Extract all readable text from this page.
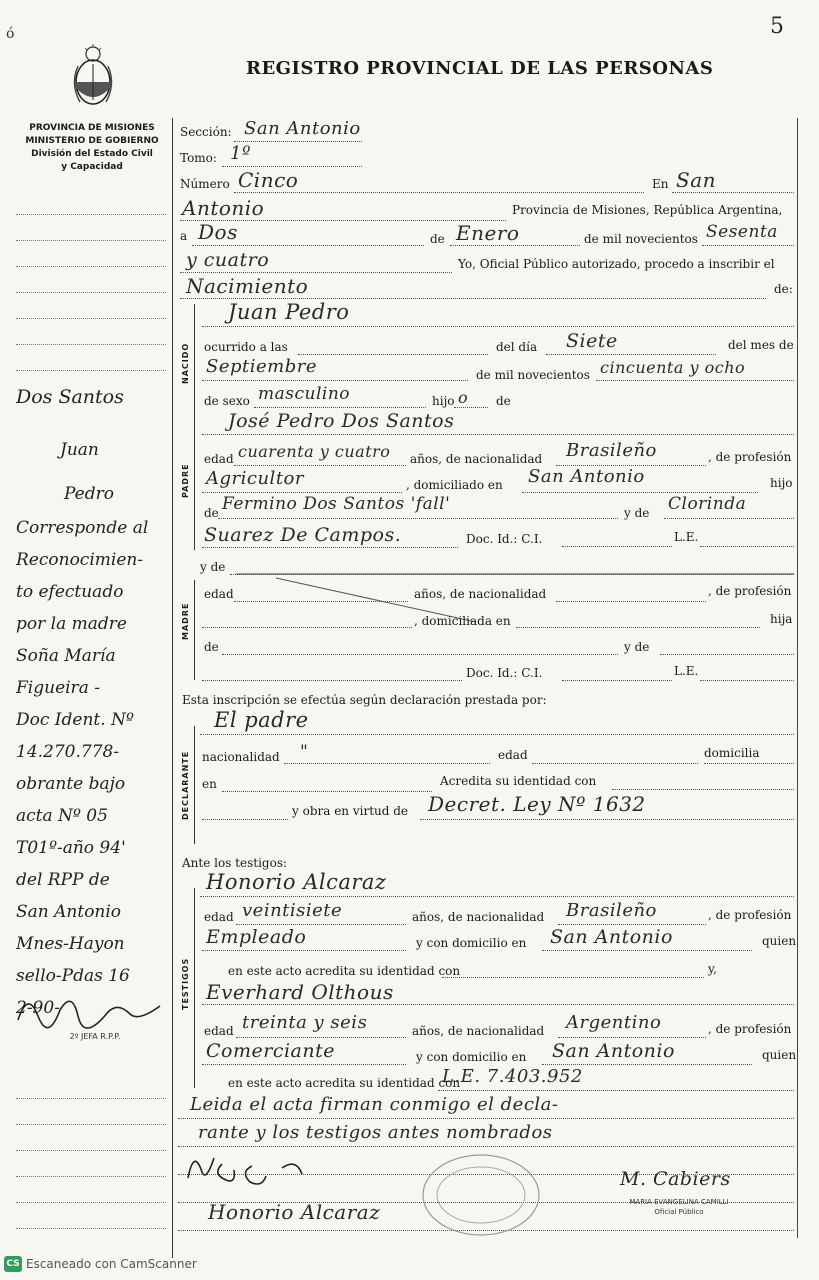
5
ó
REGISTRO PROVINCIAL DE LAS PERSONAS
PROVINCIA DE MISIONES
MINISTERIO DE GOBIERNO
División del Estado Civil
y Capacidad
Dos Santos
Juan
Pedro
Corresponde al
Reconocimien-
to efectuado
por la madre
Soña María
Figueira -
Doc Ident. Nº
14.270.778-
obrante bajo
acta Nº 05
T01º-año 94'
del RPP de
San Antonio
Mnes-Hayon
sello-Pdas 16
2-90-
2º JEFA R.P.P.
Sección: San Antonio
Tomo: 1º
Número Cinco	En San
Antonio	Provincia de Misiones, República Argentina,
a Dos	de Enero	de mil novecientos Sesenta
y cuatro	Yo, Oficial Público autorizado, procedo a inscribir el
Nacimiento	de:
NACIDO
Juan Pedro
ocurrido a las	del día Siete	del mes de
Septiembre	de mil novecientos cincuenta y ocho
de sexo masculino	hijo o de
PADRE
José Pedro Dos Santos
edad cuarenta y cuatro años, de nacionalidad Brasileño	, de profesión
Agricultor	, domiciliado en San Antonio	hijo
de Fermino Dos Santos 'fall'	y de Clorinda
Suarez De Campos.	Doc. Id.: C.I.	L.E.
y de
MADRE
edad	años, de nacionalidad	, de profesión
, domiciliada en	hija
de	y de
Doc. Id.: C.I.	L.E.
Esta inscripción se efectúa según declaración prestada por:
El padre
DECLARANTE nacionalidad "	edad	domicilia
en	Acredita su identidad con
y obra en virtud de Decret. Ley Nº 1632
Ante los testigos:
Honorio Alcaraz
TESTIGOS
edad veintisiete	años, de nacionalidad Brasileño	, de profesión
Empleado	y con domicilio en San Antonio	quien
en este acto acredita su identidad con	y,
Everhard Olthous
edad treinta y seis	años, de nacionalidad Argentino	, de profesión
Comerciante	y con domicilio en San Antonio	quien
en este acto acredita su identidad con
L.E. 7.403.952
Leida el acta firman conmigo el decla-
rante y los testigos antes nombrados
M. Cabiers
MARIA EVANGELINA CAMILLI
Oficial Público
Honorio Alcaraz
CS Escaneado con CamScanner
